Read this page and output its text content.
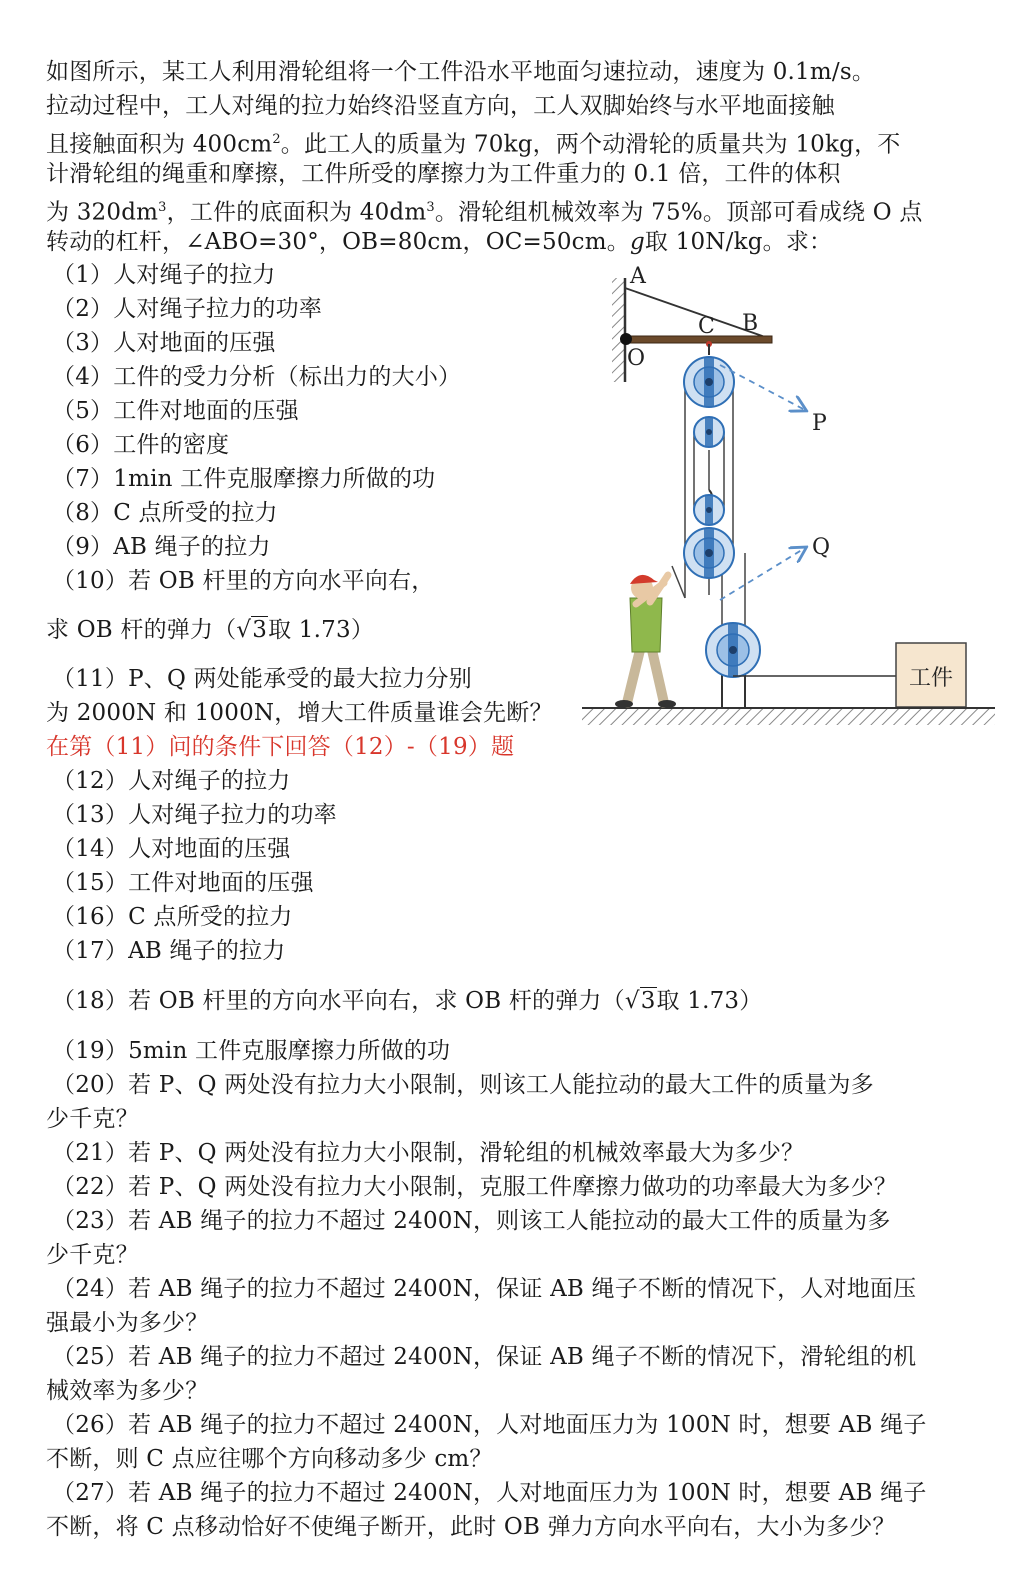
如图所示，某工人利用滑轮组将一个工件沿水平地面匀速拉动，速度为 0.1m/s。
拉动过程中，工人对绳的拉力始终沿竖直方向，工人双脚始终与水平地面接触
且接触面积为 $400cm^2$。此工人的质量为 70kg，两个动滑轮的质量共为 10kg，不
计滑轮组的绳重和摩擦，工件所受的摩擦力为工件重力的 0.1 倍，工件的体积
为 $320dm^3$，工件的底面积为 $40dm^3$。滑轮组机械效率为 75%。顶部可看成绕 O 点
转动的杠杆，∠ABO=30°，OB=80cm，OC=50cm。g取 10N/kg。求：
（1）人对绳子的拉力
（2）人对绳子拉力的功率
（3）人对地面的压强
（4）工件的受力分析（标出力的大小）
（5）工件对地面的压强
（6）工件的密度
（7）1min 工件克服摩擦力所做的功
（8）C 点所受的拉力
（9）AB 绳子的拉力
（10）若 OB 杆里的方向水平向右，
求 OB 杆的弹力（√3取 1.73）
（11）P、Q 两处能承受的最大拉力分别
为 2000N 和 1000N，增大工件质量谁会先断？
在第（11）问的条件下回答（12）-（19）题
（12）人对绳子的拉力
（13）人对绳子拉力的功率
（14）人对地面的压强
（15）工件对地面的压强
（16）C 点所受的拉力
（17）AB 绳子的拉力
（18）若 OB 杆里的方向水平向右，求 OB 杆的弹力（√3取 1.73）
（19）5min 工件克服摩擦力所做的功
（20）若 P、Q 两处没有拉力大小限制，则该工人能拉动的最大工件的质量为多
少千克？
（21）若 P、Q 两处没有拉力大小限制，滑轮组的机械效率最大为多少？
（22）若 P、Q 两处没有拉力大小限制，克服工件摩擦力做功的功率最大为多少？
（23）若 AB 绳子的拉力不超过 2400N，则该工人能拉动的最大工件的质量为多
少千克？
（24）若 AB 绳子的拉力不超过 2400N，保证 AB 绳子不断的情况下，人对地面压
强最小为多少？
（25）若 AB 绳子的拉力不超过 2400N，保证 AB 绳子不断的情况下，滑轮组的机
械效率为多少？
（26）若 AB 绳子的拉力不超过 2400N，人对地面压力为 100N 时，想要 AB 绳子
不断，则 C 点应往哪个方向移动多少 cm？
（27）若 AB 绳子的拉力不超过 2400N，人对地面压力为 100N 时，想要 AB 绳子
不断，将 C 点移动恰好不使绳子断开，此时 OB 弹力方向水平向右，大小为多少？
A
B
C
O
P
Q
工件
